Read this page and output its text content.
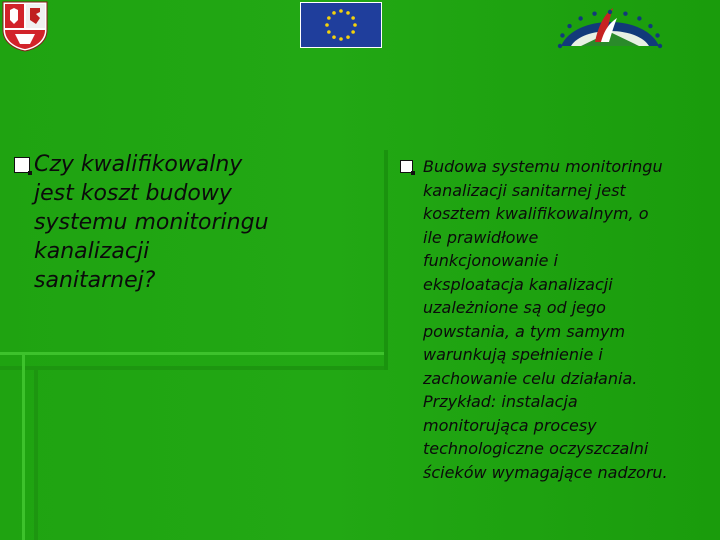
Czy kwalifikowalny
jest koszt budowy
systemu monitoringu
kanalizacji
sanitarnej?
Budowa systemu monitoringu
kanalizacji sanitarnej jest
kosztem kwalifikowalnym, o
ile prawidłowe
funkcjonowanie i
eksploatacja kanalizacji
uzależnione są od jego
powstania, a tym samym
warunkują spełnienie i
zachowanie celu działania.
Przykład: instalacja
monitorująca procesy
technologiczne oczyszczalni
ścieków wymagające nadzoru.
